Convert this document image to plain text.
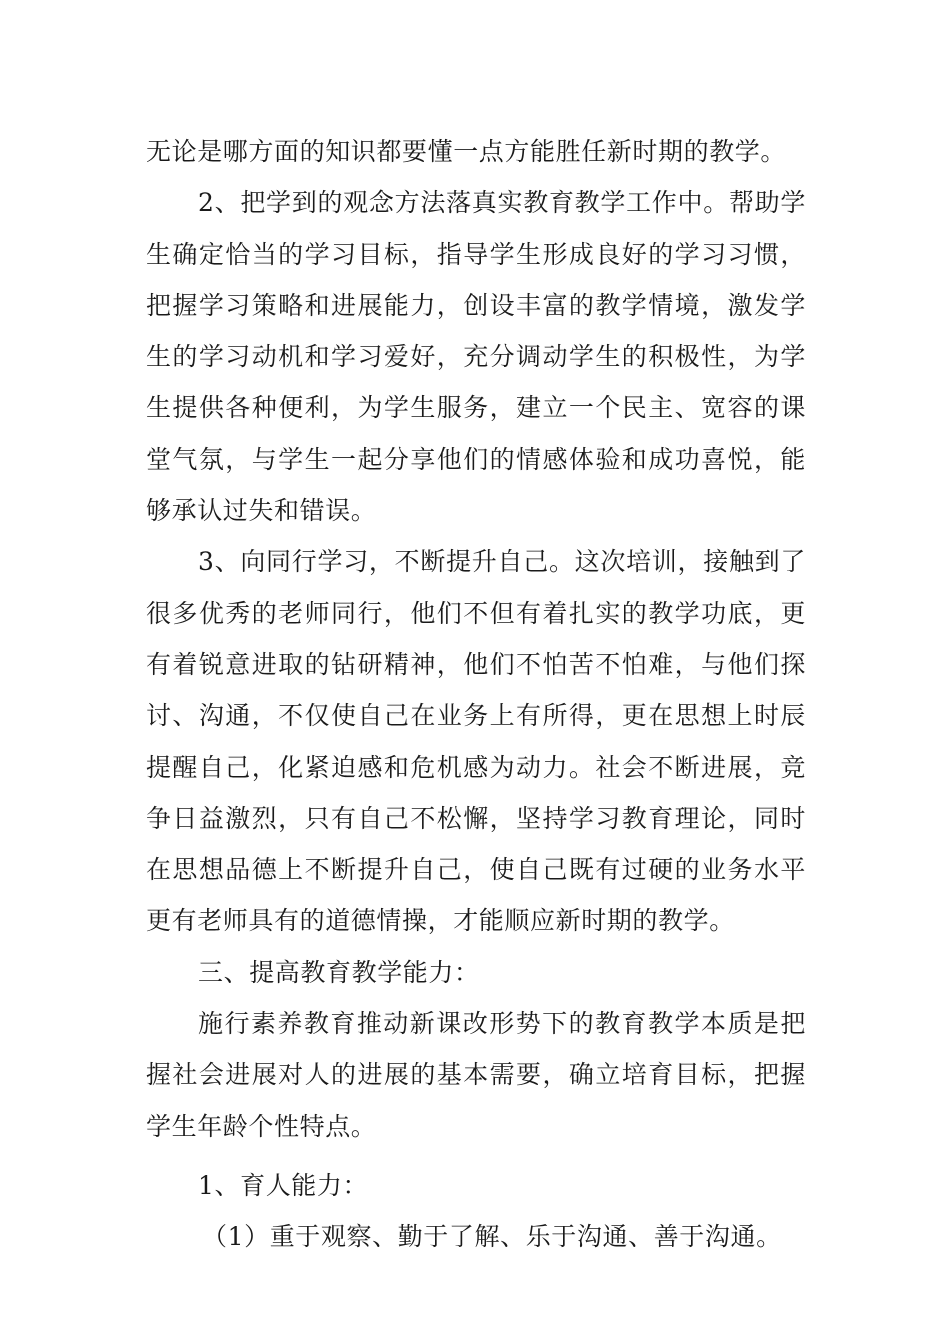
无论是哪方面的知识都要懂一点方能胜任新时期的教学。

2、把学到的观念方法落真实教育教学工作中。帮助学生确定恰当的学习目标，指导学生形成良好的学习习惯，把握学习策略和进展能力，创设丰富的教学情境，激发学生的学习动机和学习爱好，充分调动学生的积极性，为学生提供各种便利，为学生服务，建立一个民主、宽容的课堂气氛，与学生一起分享他们的情感体验和成功喜悦，能够承认过失和错误。

3、向同行学习，不断提升自己。这次培训，接触到了很多优秀的老师同行，他们不但有着扎实的教学功底，更有着锐意进取的钻研精神，他们不怕苦不怕难，与他们探讨、沟通，不仅使自己在业务上有所得，更在思想上时辰提醒自己，化紧迫感和危机感为动力。社会不断进展，竞争日益激烈，只有自己不松懈，坚持学习教育理论，同时在思想品德上不断提升自己，使自己既有过硬的业务水平更有老师具有的道德情操，才能顺应新时期的教学。

三、提高教育教学能力：

施行素养教育推动新课改形势下的教育教学本质是把握社会进展对人的进展的基本需要，确立培育目标，把握学生年龄个性特点。

1、育人能力：

（1）重于观察、勤于了解、乐于沟通、善于沟通。
